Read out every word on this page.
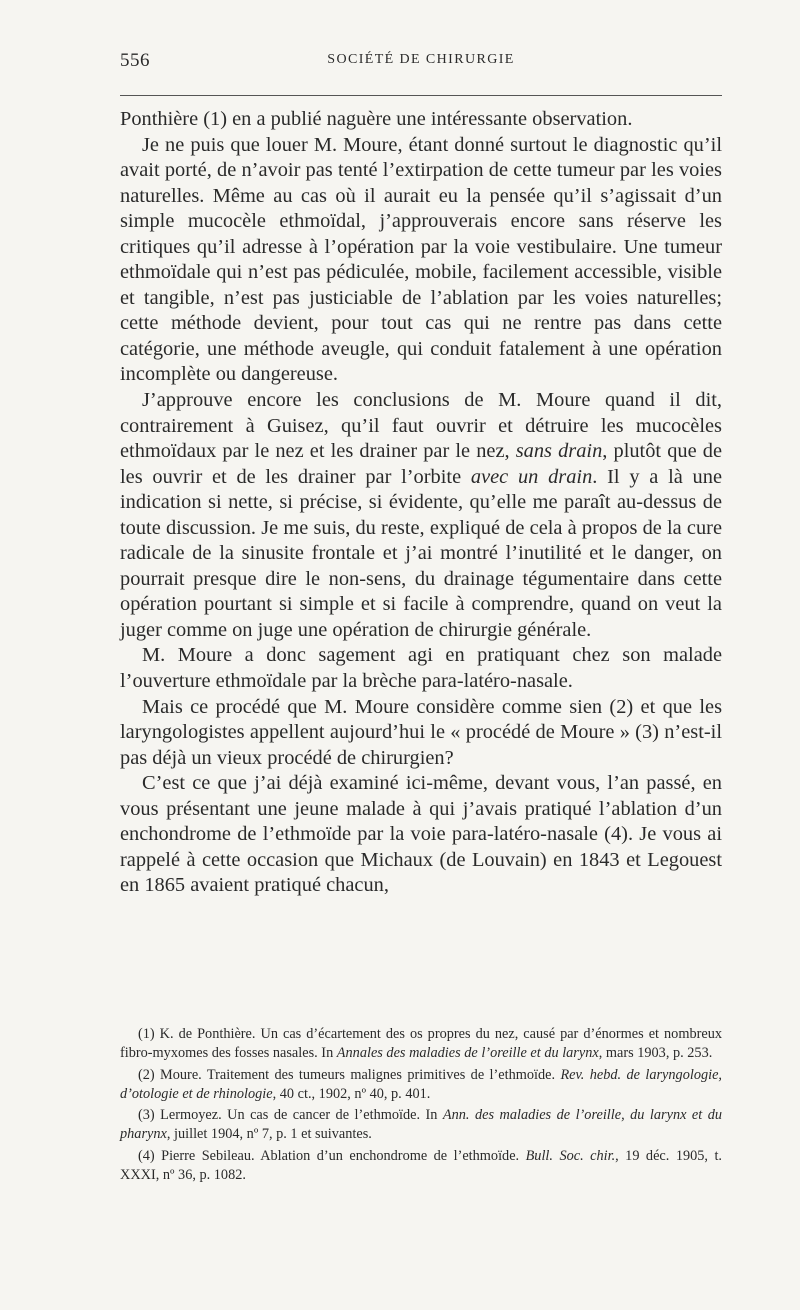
556	SOCIÉTÉ DE CHIRURGIE

Ponthière (1) en a publié naguère une intéressante observation.

Je ne puis que louer M. Moure, étant donné surtout le diagnostic qu’il avait porté, de n’avoir pas tenté l’extirpation de cette tumeur par les voies naturelles. Même au cas où il aurait eu la pensée qu’il s’agissait d’un simple mucocèle ethmoïdal, j’approuverais encore sans réserve les critiques qu’il adresse à l’opération par la voie vestibulaire. Une tumeur ethmoïdale qui n’est pas pédiculée, mobile, facilement accessible, visible et tangible, n’est pas justiciable de l’ablation par les voies naturelles; cette méthode devient, pour tout cas qui ne rentre pas dans cette catégorie, une méthode aveugle, qui conduit fatalement à une opération incomplète ou dangereuse.

J’approuve encore les conclusions de M. Moure quand il dit, contrairement à Guisez, qu’il faut ouvrir et détruire les mucocèles ethmoïdaux par le nez et les drainer par le nez, sans drain, plutôt que de les ouvrir et de les drainer par l’orbite avec un drain. Il y a là une indication si nette, si précise, si évidente, qu’elle me paraît au-dessus de toute discussion. Je me suis, du reste, expliqué de cela à propos de la cure radicale de la sinusite frontale et j’ai montré l’inutilité et le danger, on pourrait presque dire le non-sens, du drainage tégumentaire dans cette opération pourtant si simple et si facile à comprendre, quand on veut la juger comme on juge une opération de chirurgie générale.

M. Moure a donc sagement agi en pratiquant chez son malade l’ouverture ethmoïdale par la brèche para-latéro-nasale.

Mais ce procédé que M. Moure considère comme sien (2) et que les laryngologistes appellent aujourd’hui le « procédé de Moure » (3) n’est-il pas déjà un vieux procédé de chirurgien?

C’est ce que j’ai déjà examiné ici-même, devant vous, l’an passé, en vous présentant une jeune malade à qui j’avais pratiqué l’ablation d’un enchondrome de l’ethmoïde par la voie para-latéro-nasale (4). Je vous ai rappelé à cette occasion que Michaux (de Louvain) en 1843 et Legouest en 1865 avaient pratiqué chacun,

(1) K. de Ponthière. Un cas d’écartement des os propres du nez, causé par d’énormes et nombreux fibro-myxomes des fosses nasales. In Annales des maladies de l’oreille et du larynx, mars 1903, p. 253.

(2) Moure. Traitement des tumeurs malignes primitives de l’ethmoïde. Rev. hebd. de laryngologie, d’otologie et de rhinologie, 40 ct., 1902, nº 40, p. 401.

(3) Lermoyez. Un cas de cancer de l’ethmoïde. In Ann. des maladies de l’oreille, du larynx et du pharynx, juillet 1904, nº 7, p. 1 et suivantes.

(4) Pierre Sebileau. Ablation d’un enchondrome de l’ethmoïde. Bull. Soc. chir., 19 déc. 1905, t. XXXI, nº 36, p. 1082.
